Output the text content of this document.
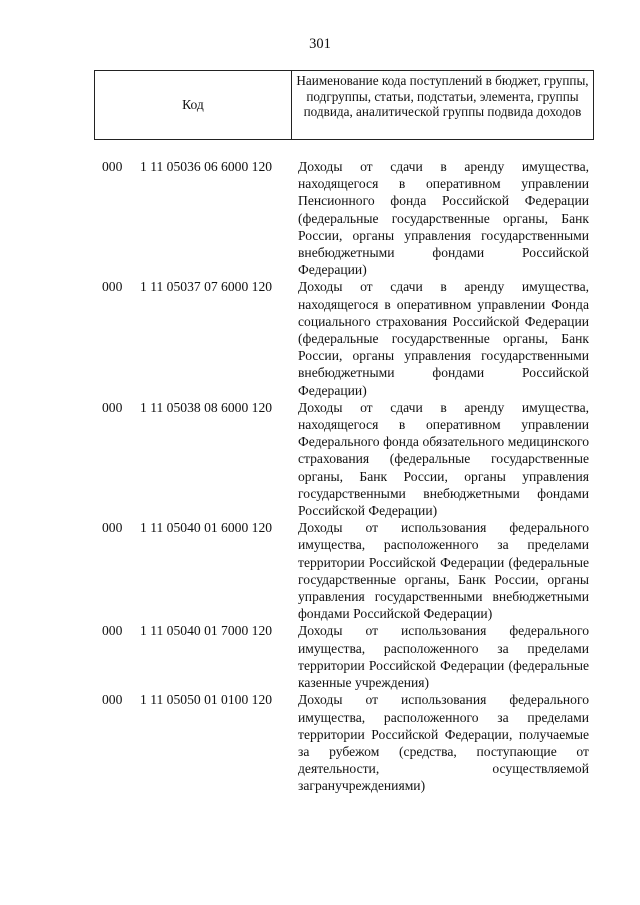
301
Код
Наименование кода поступлений в бюджет, группы, подгруппы, статьи, подстатьи, элемента, группы подвида, аналитической группы подвида доходов
000 1 11 05036 06 6000 120 Доходы от сдачи в аренду имущества, находящегося в оперативном управлении Пенсионного фонда Российской Федерации (федеральные государственные органы, Банк России, органы управления государственными внебюджетными фондами Российской Федерации)
000 1 11 05037 07 6000 120 Доходы от сдачи в аренду имущества, находящегося в оперативном управлении Фонда социального страхования Российской Федерации (федеральные государственные органы, Банк России, органы управления государственными внебюджетными фондами Российской Федерации)
000 1 11 05038 08 6000 120 Доходы от сдачи в аренду имущества, находящегося в оперативном управлении Федерального фонда обязательного медицинского страхования (федеральные государственные органы, Банк России, органы управления государственными внебюджетными фондами Российской Федерации)
000 1 11 05040 01 6000 120 Доходы от использования федерального имущества, расположенного за пределами территории Российской Федерации (федеральные государственные органы, Банк России, органы управления государственными внебюджетными фондами Российской Федерации)
000 1 11 05040 01 7000 120 Доходы от использования федерального имущества, расположенного за пределами территории Российской Федерации (федеральные казенные учреждения)
000 1 11 05050 01 0100 120 Доходы от использования федерального имущества, расположенного за пределами территории Российской Федерации, получаемые за рубежом (средства, поступающие от деятельности, осуществляемой загранучреждениями)
